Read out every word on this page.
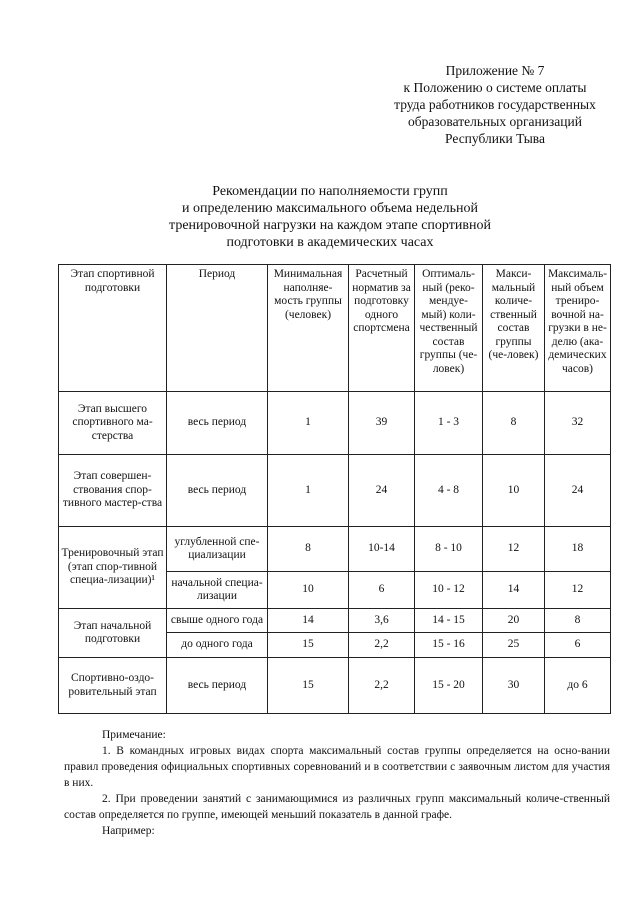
Приложение № 7
к Положению о системе оплаты
труда работников государственных
образовательных организаций
Республики Тыва
Рекомендации по наполняемости групп
и определению максимального объема недельной
тренировочной нагрузки на каждом этапе спортивной
подготовки в академических часах
Этап спортивной подготовки	Период	Минимальная наполняе-мость группы (человек)	Расчетный норматив за подготовку одного спортсмена	Оптималь-ный (реко-мендуе-мый) коли-чественный состав группы (че-ловек)	Макси-мальный количе-ственный состав группы (че-ловек)	Максималь-ный объем трениро-вочной на-грузки в не-делю (ака-демических часов)
Этап высшего спортивного ма-стерства	весь период	1	39	1 - 3	8	32
Этап совершен-ствования спор-тивного мастер-ства	весь период	1	24	4 - 8	10	24
Тренировочный этап (этап спор-тивной специа-лизации)¹	углубленной спе-циализации	8	10-14	8 - 10	12	18
	начальной специа-лизации	10	6	10 - 12	14	12
Этап начальной подготовки	свыше одного года	14	3,6	14 - 15	20	8
	до одного года	15	2,2	15 - 16	25	6
Спортивно-оздо-ровительный этап	весь период	15	2,2	15 - 20	30	до 6
Примечание:

1. В командных игровых видах спорта максимальный состав группы определяется на осно-вании правил проведения официальных спортивных соревнований и в соответствии с заявочным листом для участия в них.

2. При проведении занятий с занимающимися из различных групп максимальный количе-ственный состав определяется по группе, имеющей меньший показатель в данной графе.

Например:
